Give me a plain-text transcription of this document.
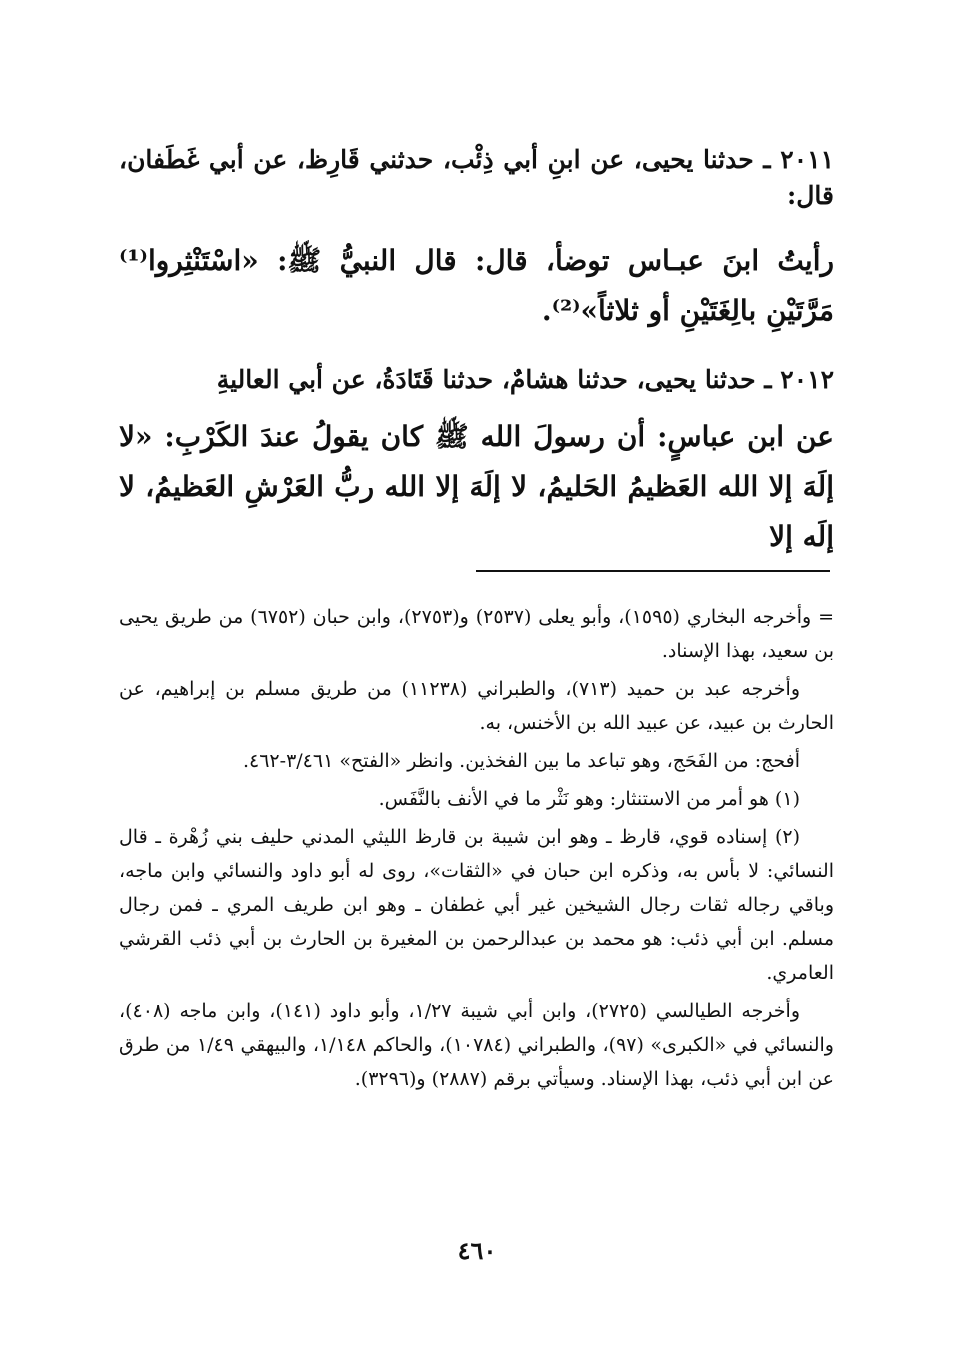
٢٠١١ ـ حدثنا يحيى، عن ابنِ أبي ذِئْب، حدثني قَارِظ، عن أبي غَطَفان، قال:
رأيتُ ابنَ عبـاس توضأ، قال: قال النبيُّ ﷺ: «اسْتَنْثِروا⁽¹⁾ مَرَّتَيْنِ بالِغَتَيْنِ أو ثلاثاً»⁽²⁾.
٢٠١٢ ـ حدثنا يحيى، حدثنا هشامٌ، حدثنا قَتَادَةُ، عن أبي العاليةِ
عن ابن عباسٍ: أن رسولَ الله ﷺ كان يقولُ عندَ الكَرْبِ: «لا إلَهَ إلا الله العَظيمُ الحَليمُ، لا إلَهَ إلا الله ربُّ العَرْشِ العَظيمُ، لا إلَه إلا

= وأخرجه البخاري (١٥٩٥)، وأبو يعلى (٢٥٣٧) و(٢٧٥٣)، وابن حبان (٦٧٥٢) من طريق يحيى بن سعيد، بهذا الإسناد.

وأخرجه عبد بن حميد (٧١٣)، والطبراني (١١٢٣٨) من طريق مسلم بن إبراهيم، عن الحارث بن عبيد، عن عبيد الله بن الأخنس، به.

أفحج: من الفَحَج، وهو تباعد ما بين الفخذين. وانظر «الفتح» ٣/٤٦١-٤٦٢.

(١) هو أمر من الاستنثار: وهو نَثْر ما في الأنف بالنَّفَس.

(٢) إسناده قوي، قارظ ـ وهو ابن شيبة بن قارظ الليثي المدني حليف بني زُهْرة ـ قال النسائي: لا بأس به، وذكره ابن حبان في «الثقات»، روى له أبو داود والنسائي وابن ماجه، وباقي رجاله ثقات رجال الشيخين غير أبي غطفان ـ وهو ابن طريف المري ـ فمن رجال مسلم. ابن أبي ذئب: هو محمد بن عبدالرحمن بن المغيرة بن الحارث بن أبي ذئب القرشي العامري.

وأخرجه الطيالسي (٢٧٢٥)، وابن أبي شيبة ١/٢٧، وأبو داود (١٤١)، وابن ماجه (٤٠٨)، والنسائي في «الكبرى» (٩٧)، والطبراني (١٠٧٨٤)، والحاكم ١/١٤٨، والبيهقي ١/٤٩ من طرق عن ابن أبي ذئب، بهذا الإسناد. وسيأتي برقم (٢٨٨٧) و(٣٢٩٦).

٤٦٠
